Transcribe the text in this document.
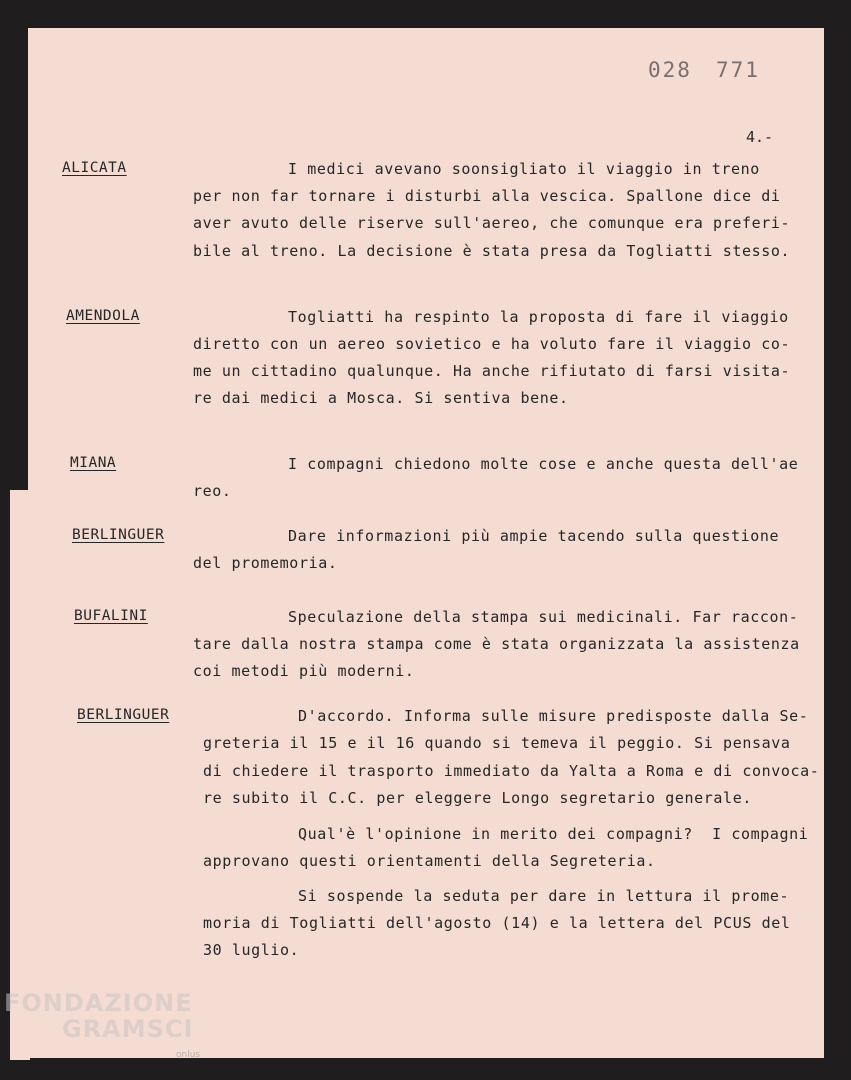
028 771
4.-
ALICATA	I medici avevano soonsigliato il viaggio in treno
per non far tornare i disturbi alla vescica. Spallone dice di
aver avuto delle riserve sull'aereo, che comunque era preferi-
bile al treno. La decisione è stata presa da Togliatti stesso.
AMENDOLA	Togliatti ha respinto la proposta di fare il viaggio
diretto con un aereo sovietico e ha voluto fare il viaggio co-
me un cittadino qualunque. Ha anche rifiutato di farsi visita-
re dai medici a Mosca. Si sentiva bene.
MIANA	I compagni chiedono molte cose e anche questa dell'ae
reo.
BERLINGUER	Dare informazioni più ampie tacendo sulla questione
del promemoria.
BUFALINI	Speculazione della stampa sui medicinali. Far raccon-
tare dalla nostra stampa come è stata organizzata la assistenza
coi metodi più moderni.
BERLINGUER	D'accordo. Informa sulle misure predisposte dalla Se-
greteria il 15 e il 16 quando si temeva il peggio. Si pensava
di chiedere il trasporto immediato da Yalta a Roma e di convoca-
re subito il C.C. per eleggere Longo segretario generale.
Qual'è l'opinione in merito dei compagni?  I compagni
approvano questi orientamenti della Segreteria.
Si sospende la seduta per dare in lettura il prome-
moria di Togliatti dell'agosto (14) e la lettera del PCUS del
30 luglio.
FONDAZIONE
GRAMSCI
onlus
